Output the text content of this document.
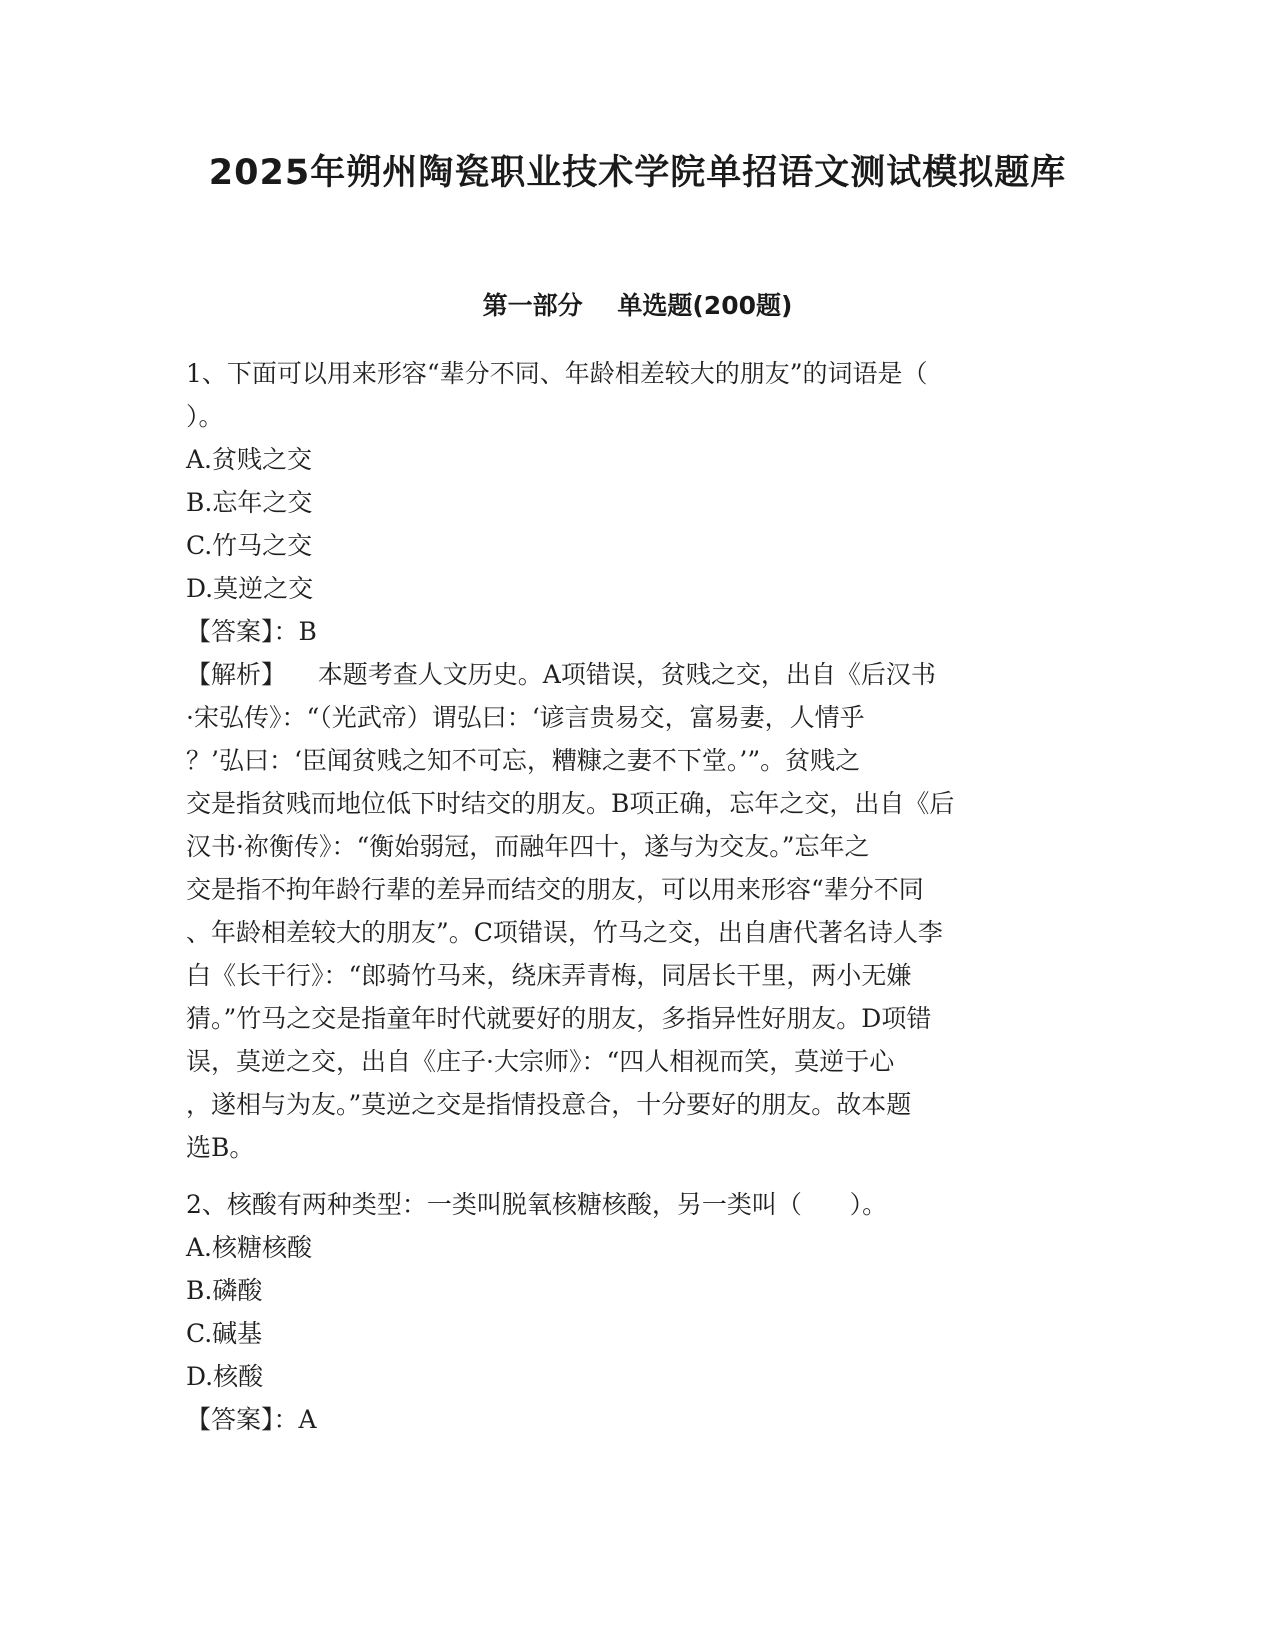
2025年朔州陶瓷职业技术学院单招语文测试模拟题库
第一部分    单选题(200题)
1、下面可以用来形容“辈分不同、年龄相差较大的朋友”的词语是（
）。
A.贫贱之交
B.忘年之交
C.竹马之交
D.莫逆之交
【答案】：B
【解析】    本题考查人文历史。A项错误，贫贱之交，出自《后汉书
·宋弘传》：“（光武帝）谓弘曰：‘谚言贵易交，富易妻，人情乎
？’弘曰：‘臣闻贫贱之知不可忘，糟糠之妻不下堂。’”。贫贱之
交是指贫贱而地位低下时结交的朋友。B项正确，忘年之交，出自《后
汉书·祢衡传》：“衡始弱冠，而融年四十，遂与为交友。”忘年之
交是指不拘年龄行辈的差异而结交的朋友，可以用来形容“辈分不同
、年龄相差较大的朋友”。C项错误，竹马之交，出自唐代著名诗人李
白《长干行》：“郎骑竹马来，绕床弄青梅，同居长干里，两小无嫌
猜。”竹马之交是指童年时代就要好的朋友，多指异性好朋友。D项错
误，莫逆之交，出自《庄子·大宗师》：“四人相视而笑，莫逆于心
，遂相与为友。”莫逆之交是指情投意合，十分要好的朋友。故本题
选B。
2、核酸有两种类型：一类叫脱氧核糖核酸，另一类叫（      ）。
A.核糖核酸
B.磷酸
C.碱基
D.核酸
【答案】：A
